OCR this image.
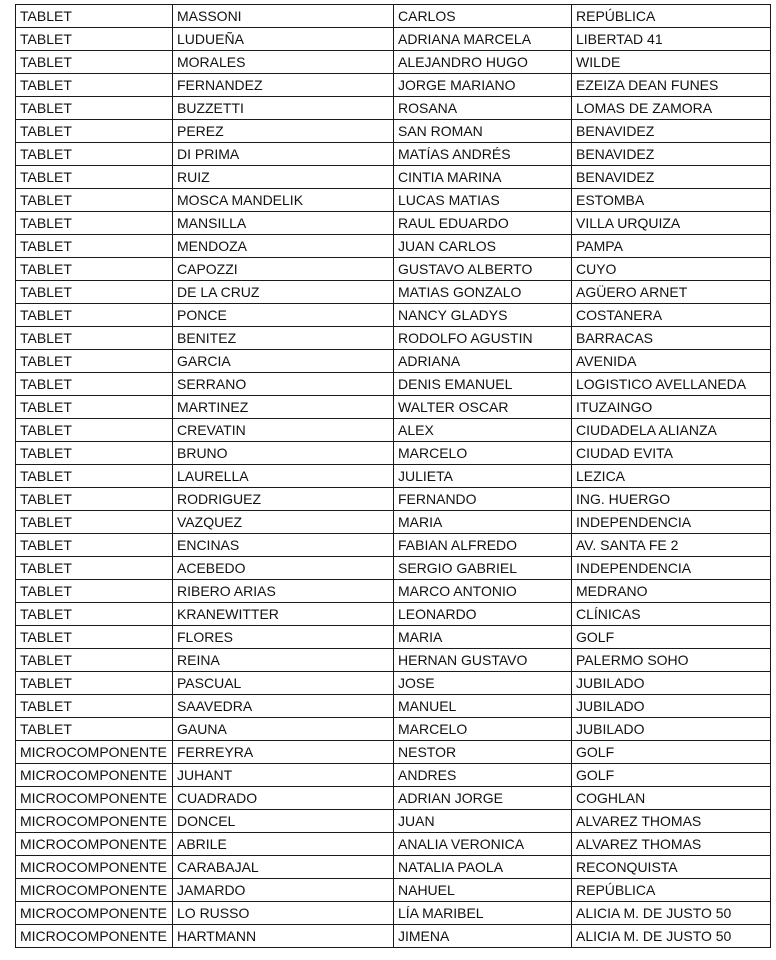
TABLET	MASSONI	CARLOS	REPÚBLICA
TABLET	LUDUEÑA	ADRIANA MARCELA	LIBERTAD 41
TABLET	MORALES	ALEJANDRO HUGO	WILDE
TABLET	FERNANDEZ	JORGE MARIANO	EZEIZA DEAN FUNES
TABLET	BUZZETTI	ROSANA	LOMAS DE ZAMORA
TABLET	PEREZ	SAN ROMAN	BENAVIDEZ
TABLET	DI PRIMA	MATÍAS ANDRÉS	BENAVIDEZ
TABLET	RUIZ	CINTIA MARINA	BENAVIDEZ
TABLET	MOSCA MANDELIK	LUCAS MATIAS	ESTOMBA
TABLET	MANSILLA	RAUL EDUARDO	VILLA URQUIZA
TABLET	MENDOZA	JUAN CARLOS	PAMPA
TABLET	CAPOZZI	GUSTAVO ALBERTO	CUYO
TABLET	DE LA CRUZ	MATIAS GONZALO	AGÜERO ARNET
TABLET	PONCE	NANCY GLADYS	COSTANERA
TABLET	BENITEZ	RODOLFO AGUSTIN	BARRACAS
TABLET	GARCIA	ADRIANA	AVENIDA
TABLET	SERRANO	DENIS EMANUEL	LOGISTICO AVELLANEDA
TABLET	MARTINEZ	WALTER OSCAR	ITUZAINGO
TABLET	CREVATIN	ALEX	CIUDADELA ALIANZA
TABLET	BRUNO	MARCELO	CIUDAD EVITA
TABLET	LAURELLA	JULIETA	LEZICA
TABLET	RODRIGUEZ	FERNANDO	ING. HUERGO
TABLET	VAZQUEZ	MARIA	INDEPENDENCIA
TABLET	ENCINAS	FABIAN ALFREDO	AV. SANTA FE 2
TABLET	ACEBEDO	SERGIO GABRIEL	INDEPENDENCIA
TABLET	RIBERO ARIAS	MARCO ANTONIO	MEDRANO
TABLET	KRANEWITTER	LEONARDO	CLÍNICAS
TABLET	FLORES	MARIA	GOLF
TABLET	REINA	HERNAN GUSTAVO	PALERMO SOHO
TABLET	PASCUAL	JOSE	JUBILADO
TABLET	SAAVEDRA	MANUEL	JUBILADO
TABLET	GAUNA	MARCELO	JUBILADO
MICROCOMPONENTE	FERREYRA	NESTOR	GOLF
MICROCOMPONENTE	JUHANT	ANDRES	GOLF
MICROCOMPONENTE	CUADRADO	ADRIAN JORGE	COGHLAN
MICROCOMPONENTE	DONCEL	JUAN	ALVAREZ THOMAS
MICROCOMPONENTE	ABRILE	ANALIA VERONICA	ALVAREZ THOMAS
MICROCOMPONENTE	CARABAJAL	NATALIA PAOLA	RECONQUISTA
MICROCOMPONENTE	JAMARDO	NAHUEL	REPÚBLICA
MICROCOMPONENTE	LO RUSSO	LÍA MARIBEL	ALICIA M. DE JUSTO 50
MICROCOMPONENTE	HARTMANN	JIMENA	ALICIA M. DE JUSTO 50
